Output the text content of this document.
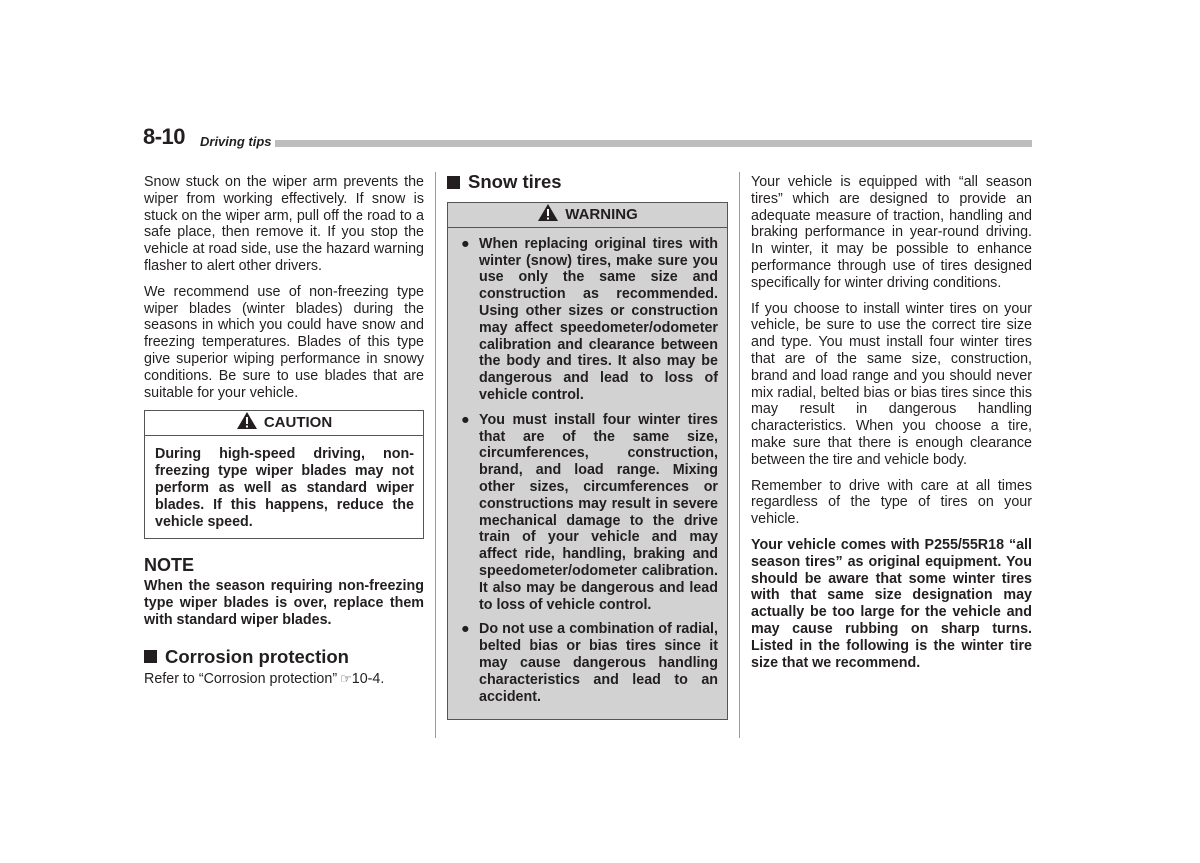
8-10 Driving tips

Snow stuck on the wiper arm prevents the wiper from working effectively. If snow is stuck on the wiper arm, pull off the road to a safe place, then remove it. If you stop the vehicle at road side, use the hazard warning flasher to alert other drivers.

We recommend use of non-freezing type wiper blades (winter blades) during the seasons in which you could have snow and freezing temperatures. Blades of this type give superior wiping performance in snowy conditions. Be sure to use blades that are suitable for your vehicle.

CAUTION
During high-speed driving, non-freezing type wiper blades may not perform as well as standard wiper blades. If this happens, reduce the vehicle speed.
NOTE
When the season requiring non-freezing type wiper blades is over, replace them with standard wiper blades.
Corrosion protection
Refer to “Corrosion protection” ☞10-4.
Snow tires
WARNING
● When replacing original tires with winter (snow) tires, make sure you use only the same size and construction as recommended. Using other sizes or construction may affect speedometer/odometer calibration and clearance between the body and tires. It also may be dangerous and lead to loss of vehicle control.
● You must install four winter tires that are of the same size, circumferences, construction, brand, and load range. Mixing other sizes, circumferences or constructions may result in severe mechanical damage to the drive train of your vehicle and may affect ride, handling, braking and speedometer/odometer calibration. It also may be dangerous and lead to loss of vehicle control.
● Do not use a combination of radial, belted bias or bias tires since it may cause dangerous handling characteristics and lead to an accident.

Your vehicle is equipped with “all season tires” which are designed to provide an adequate measure of traction, handling and braking performance in year-round driving. In winter, it may be possible to enhance performance through use of tires designed specifically for winter driving conditions.

If you choose to install winter tires on your vehicle, be sure to use the correct tire size and type. You must install four winter tires that are of the same size, construction, brand and load range and you should never mix radial, belted bias or bias tires since this may result in dangerous handling characteristics. When you choose a tire, make sure that there is enough clearance between the tire and vehicle body.

Remember to drive with care at all times regardless of the type of tires on your vehicle.

Your vehicle comes with P255/55R18 “all season tires” as original equipment. You should be aware that some winter tires with that same size designation may actually be too large for the vehicle and may cause rubbing on sharp turns. Listed in the following is the winter tire size that we recommend.
